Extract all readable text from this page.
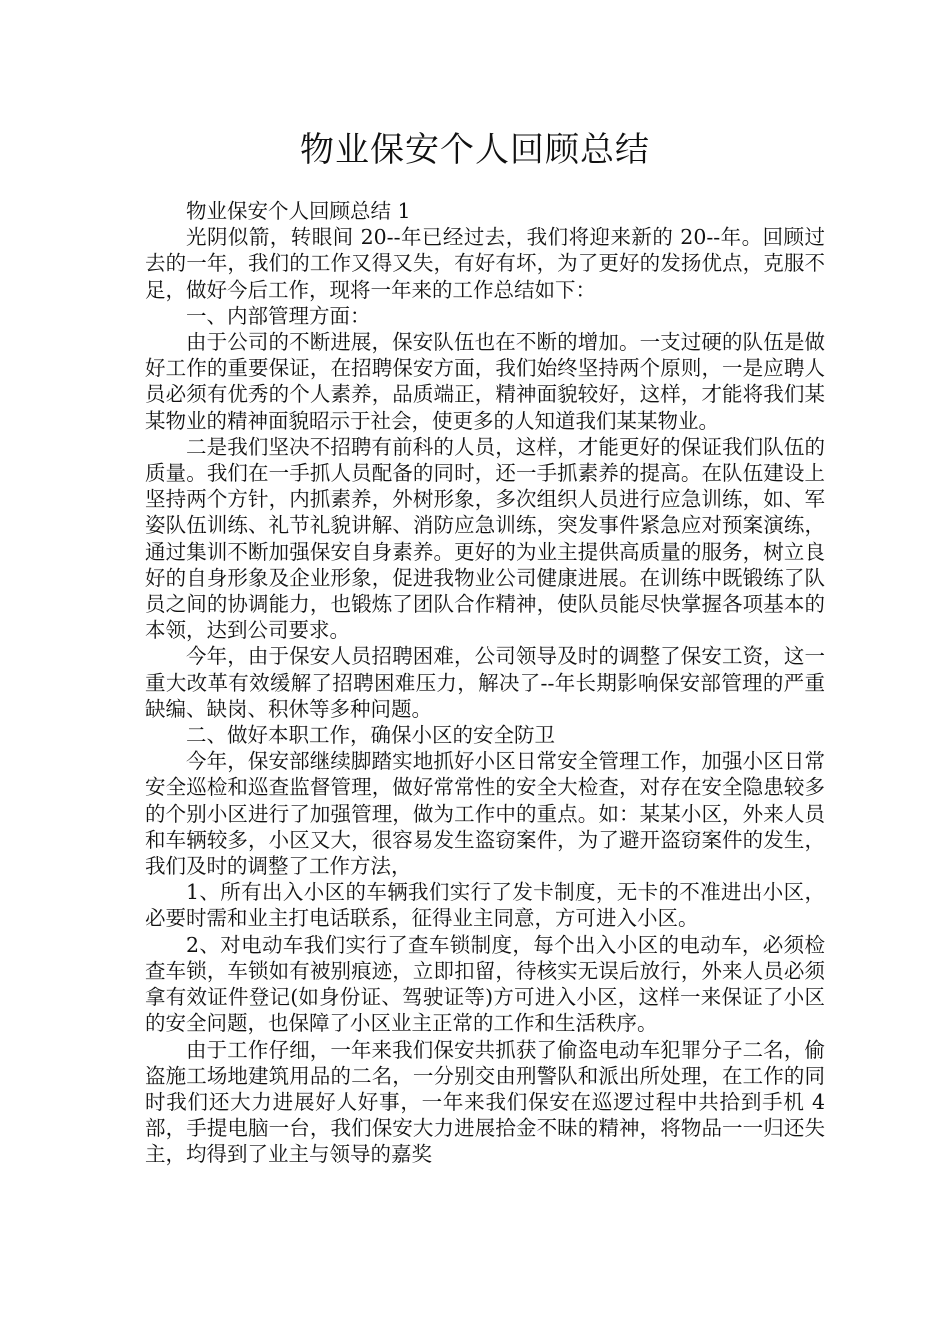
物业保安个人回顾总结

物业保安个人回顾总结 1

光阴似箭，转眼间 20--年已经过去，我们将迎来新的 20--年。回顾过去的一年，我们的工作又得又失，有好有坏，为了更好的发扬优点，克服不足，做好今后工作，现将一年来的工作总结如下：

一、内部管理方面：

由于公司的不断进展，保安队伍也在不断的增加。一支过硬的队伍是做好工作的重要保证，在招聘保安方面，我们始终坚持两个原则，一是应聘人员必须有优秀的个人素养，品质端正，精神面貌较好，这样，才能将我们某某物业的精神面貌昭示于社会，使更多的人知道我们某某物业。

二是我们坚决不招聘有前科的人员，这样，才能更好的保证我们队伍的质量。我们在一手抓人员配备的同时，还一手抓素养的提高。在队伍建设上坚持两个方针，内抓素养，外树形象，多次组织人员进行应急训练，如、军姿队伍训练、礼节礼貌讲解、消防应急训练，突发事件紧急应对预案演练，通过集训不断加强保安自身素养。更好的为业主提供高质量的服务，树立良好的自身形象及企业形象，促进我物业公司健康进展。在训练中既锻练了队员之间的协调能力，也锻炼了团队合作精神，使队员能尽快掌握各项基本的本领，达到公司要求。

今年，由于保安人员招聘困难，公司领导及时的调整了保安工资，这一重大改革有效缓解了招聘困难压力，解决了--年长期影响保安部管理的严重缺编、缺岗、积休等多种问题。

二、做好本职工作，确保小区的安全防卫

今年，保安部继续脚踏实地抓好小区日常安全管理工作，加强小区日常安全巡检和巡查监督管理，做好常常性的安全大检查，对存在安全隐患较多的个别小区进行了加强管理，做为工作中的重点。如：某某小区，外来人员和车辆较多，小区又大，很容易发生盗窃案件，为了避开盗窃案件的发生，我们及时的调整了工作方法，

1、所有出入小区的车辆我们实行了发卡制度，无卡的不准进出小区，必要时需和业主打电话联系，征得业主同意，方可进入小区。

2、对电动车我们实行了查车锁制度，每个出入小区的电动车，必须检查车锁，车锁如有被别痕迹，立即扣留，待核实无误后放行，外来人员必须拿有效证件登记(如身份证、驾驶证等)方可进入小区，这样一来保证了小区的安全问题，也保障了小区业主正常的工作和生活秩序。

由于工作仔细，一年来我们保安共抓获了偷盗电动车犯罪分子二名，偷盗施工场地建筑用品的二名，一分别交由刑警队和派出所处理，在工作的同时我们还大力进展好人好事，一年来我们保安在巡逻过程中共拾到手机 4 部，手提电脑一台，我们保安大力进展拾金不昧的精神，将物品一一归还失主，均得到了业主与领导的嘉奖
